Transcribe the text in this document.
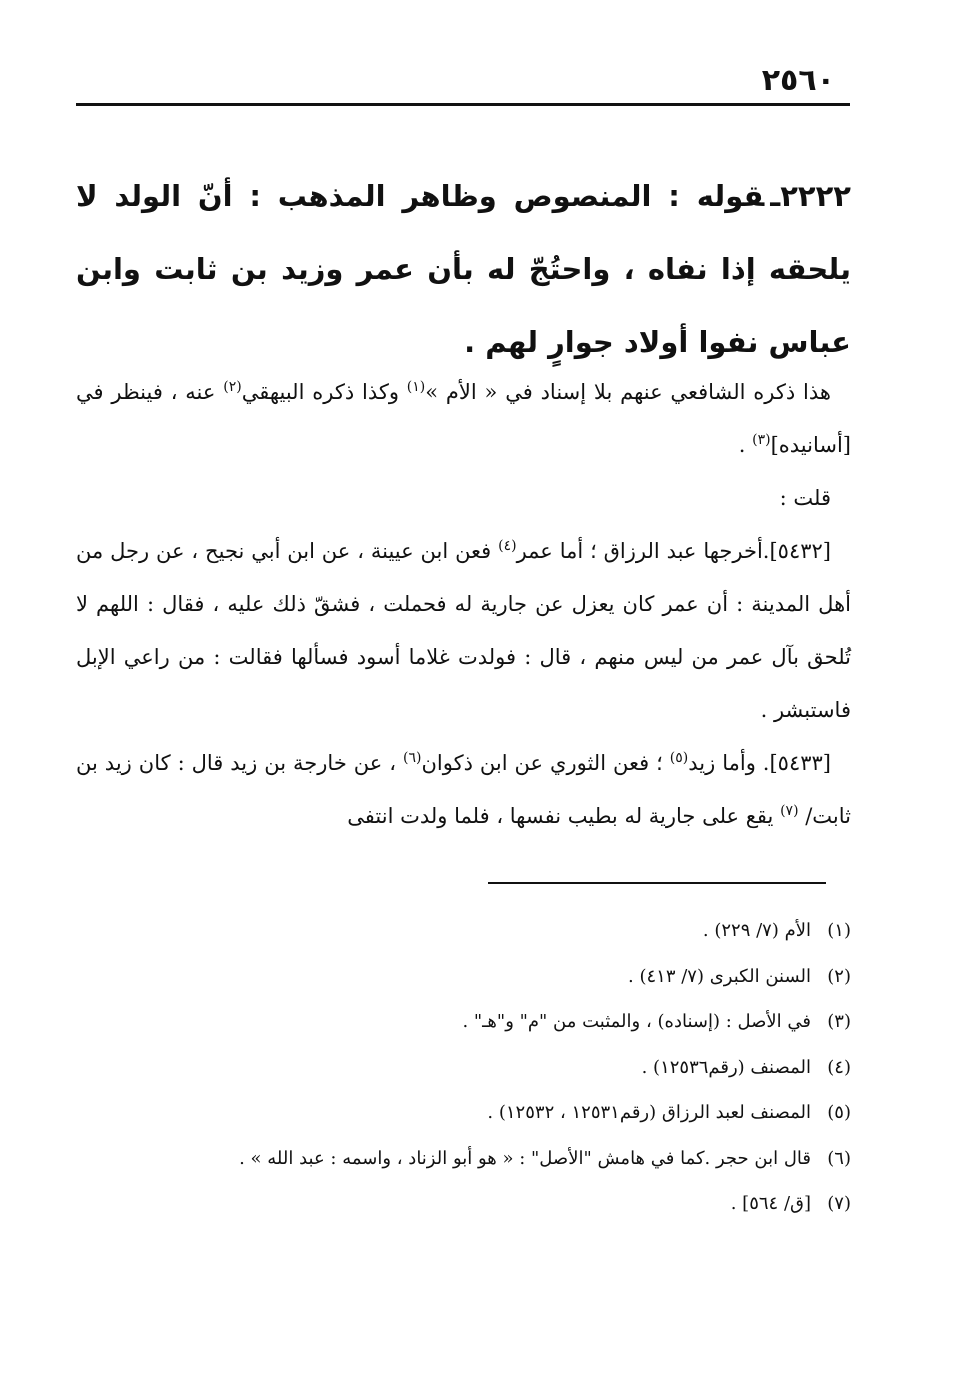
٢٥٦٠
٢٢٢٢ـقوله : المنصوص وظاهر المذهب : أنّ الولد لا يلحقه إذا نفاه ، واحتُجّ له بأن عمر وزيد بن ثابت وابن عباس نفوا أولاد جوارٍ لهم .

هذا ذكره الشافعي عنهم بلا إسناد في « الأم »$^{(١)}$ وكذا ذكره البيهقي$^{(٢)}$ عنه ، فينظر في [أسانيده]$^{(٣)}$ .

قلت :

[٥٤٣٢].أخرجها عبد الرزاق ؛ أما عمر$^{(٤)}$ فعن ابن عيينة ، عن ابن أبي نجيح ، عن رجل من أهل المدينة : أن عمر كان يعزل عن جارية له فحملت ، فشقّ ذلك عليه ، فقال : اللهم لا تُلحق بآل عمر من ليس منهم ، قال : فولدت غلاما أسود فسألها فقالت : من راعي الإبل فاستبشر .

[٥٤٣٣]. وأما زيد$^{(٥)}$ ؛ فعن الثوري عن ابن ذكوان$^{(٦)}$ ، عن خارجة بن زيد قال : كان زيد بن ثابت/ $^{(٧)}$ يقع على جارية له بطيب نفسها ، فلما ولدت انتفى

(١)الأم (٧/ ٢٢٩) .
(٢)السنن الكبرى (٧/ ٤١٣) .
(٣)في الأصل : (إسناده) ، والمثبت من "م" و"هـ" .
(٤)المصنف (رقم١٢٥٣٦) .
(٥)المصنف لعبد الرزاق (رقم١٢٥٣١ ، ١٢٥٣٢) .
(٦)قال ابن حجر .كما في هامش "الأصل" : « هو أبو الزناد ، واسمه : عبد الله » .
(٧)[ق/ ٥٦٤] .
